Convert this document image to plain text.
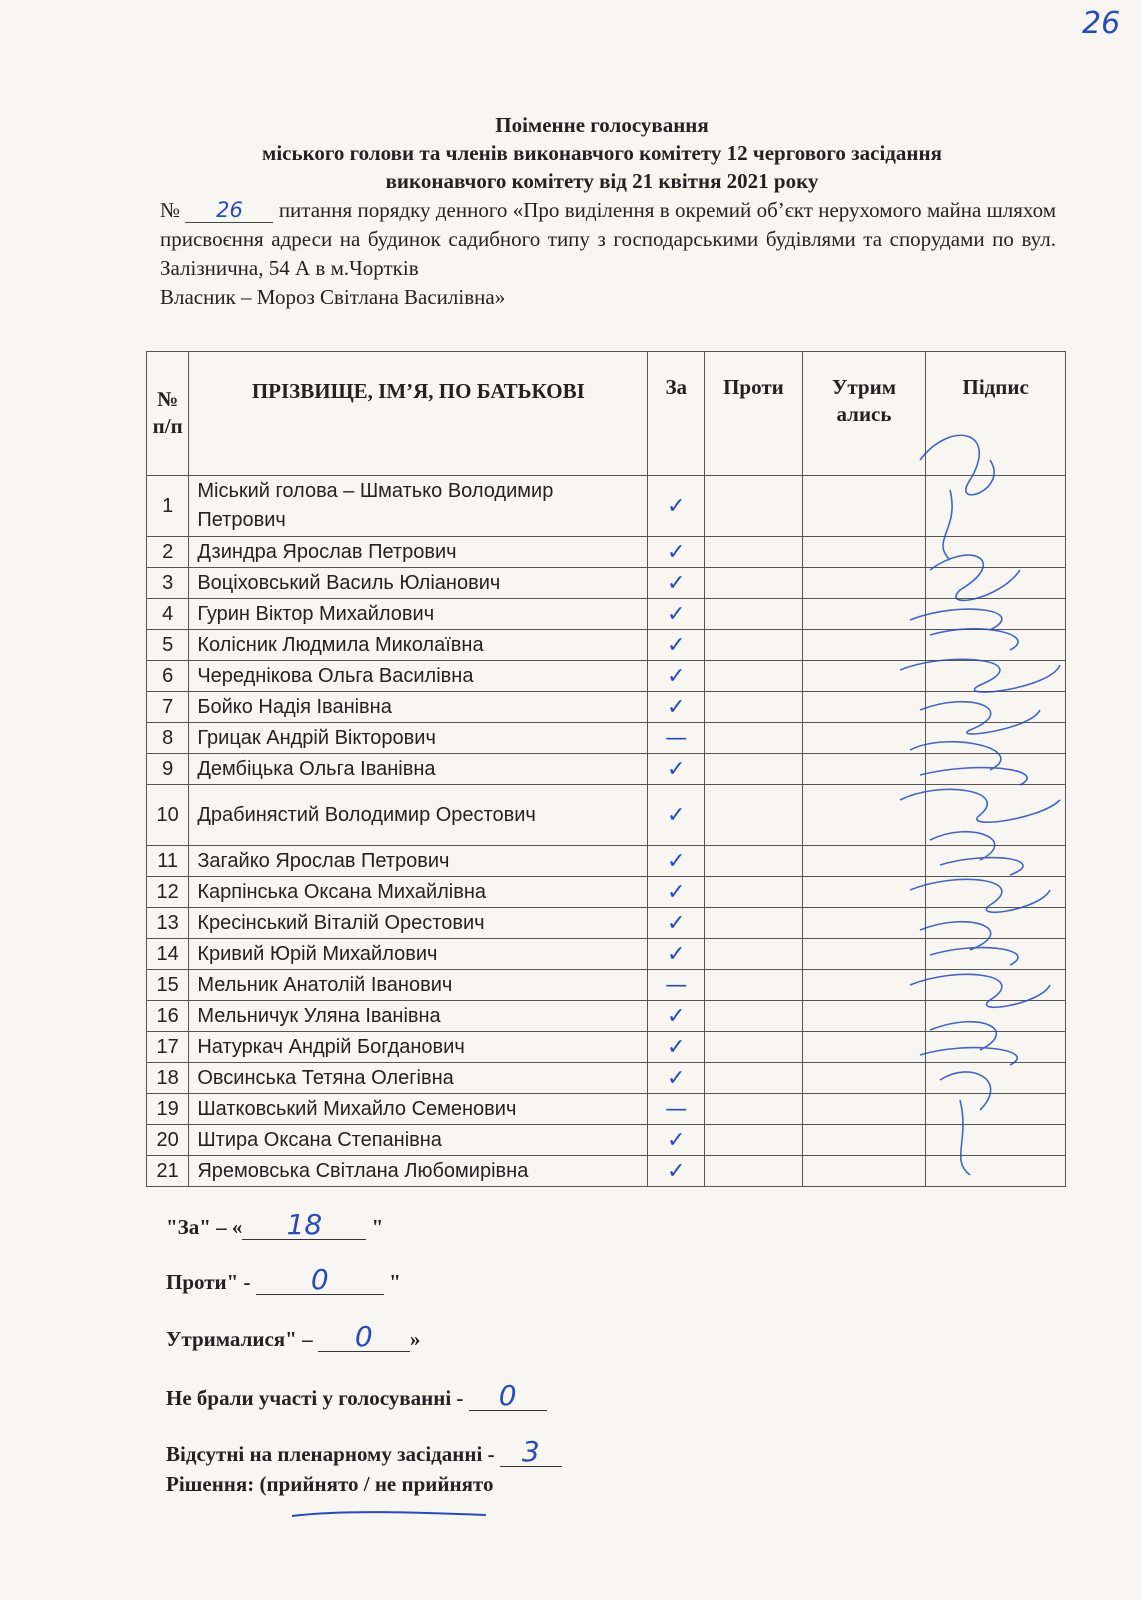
26
Поіменне голосування
міського голови та членів виконавчого комітету 12 чергового засідання
виконавчого комітету від 21 квітня 2021 року
№ 26 питання порядку денного «Про виділення в окремий об’єкт нерухомого майна шляхом присвоєння адреси на будинок садибного типу з господарськими будівлями та спорудами по вул. Залізнична, 54 А в м.Чортків
Власник – Мороз Світлана Василівна»
№ п/п	ПРІЗВИЩЕ, ІМ’Я, ПО БАТЬКОВІ	За	Проти	Утрим ались	Підпис
1	Міський голова – Шматько Володимир Петрович	✓			
2	Дзиндра Ярослав Петрович	✓			
3	Воціховський Василь Юліанович	✓			
4	Гурин Віктор Михайлович	✓			
5	Колісник Людмила Миколаївна	✓			
6	Череднікова Ольга Василівна	✓			
7	Бойко Надія Іванівна	✓			
8	Грицак Андрій Вікторович	—			
9	Дембіцька Ольга Іванівна	✓			
10	Драбинястий Володимир Орестович	✓			
11	Загайко Ярослав Петрович	✓			
12	Карпінська Оксана Михайлівна	✓			
13	Кресінський Віталій Орестович	✓			
14	Кривий Юрій Михайлович	✓			
15	Мельник Анатолій Іванович	—			
16	Мельничук Уляна Іванівна	✓			
17	Натуркач Андрій Богданович	✓			
18	Овсинська Тетяна Олегівна	✓			
19	Шатковський Михайло Семенович	—			
20	Штира Оксана Степанівна	✓			
21	Яремовська Світлана Любомирівна	✓			
"За" – « 18 "
Проти" - 0	"
Утрималися" – 0 »
Не брали участі у голосуванні - 0
Відсутні на пленарному засіданні - 3
Рішення: (прийнято / не прийнято
